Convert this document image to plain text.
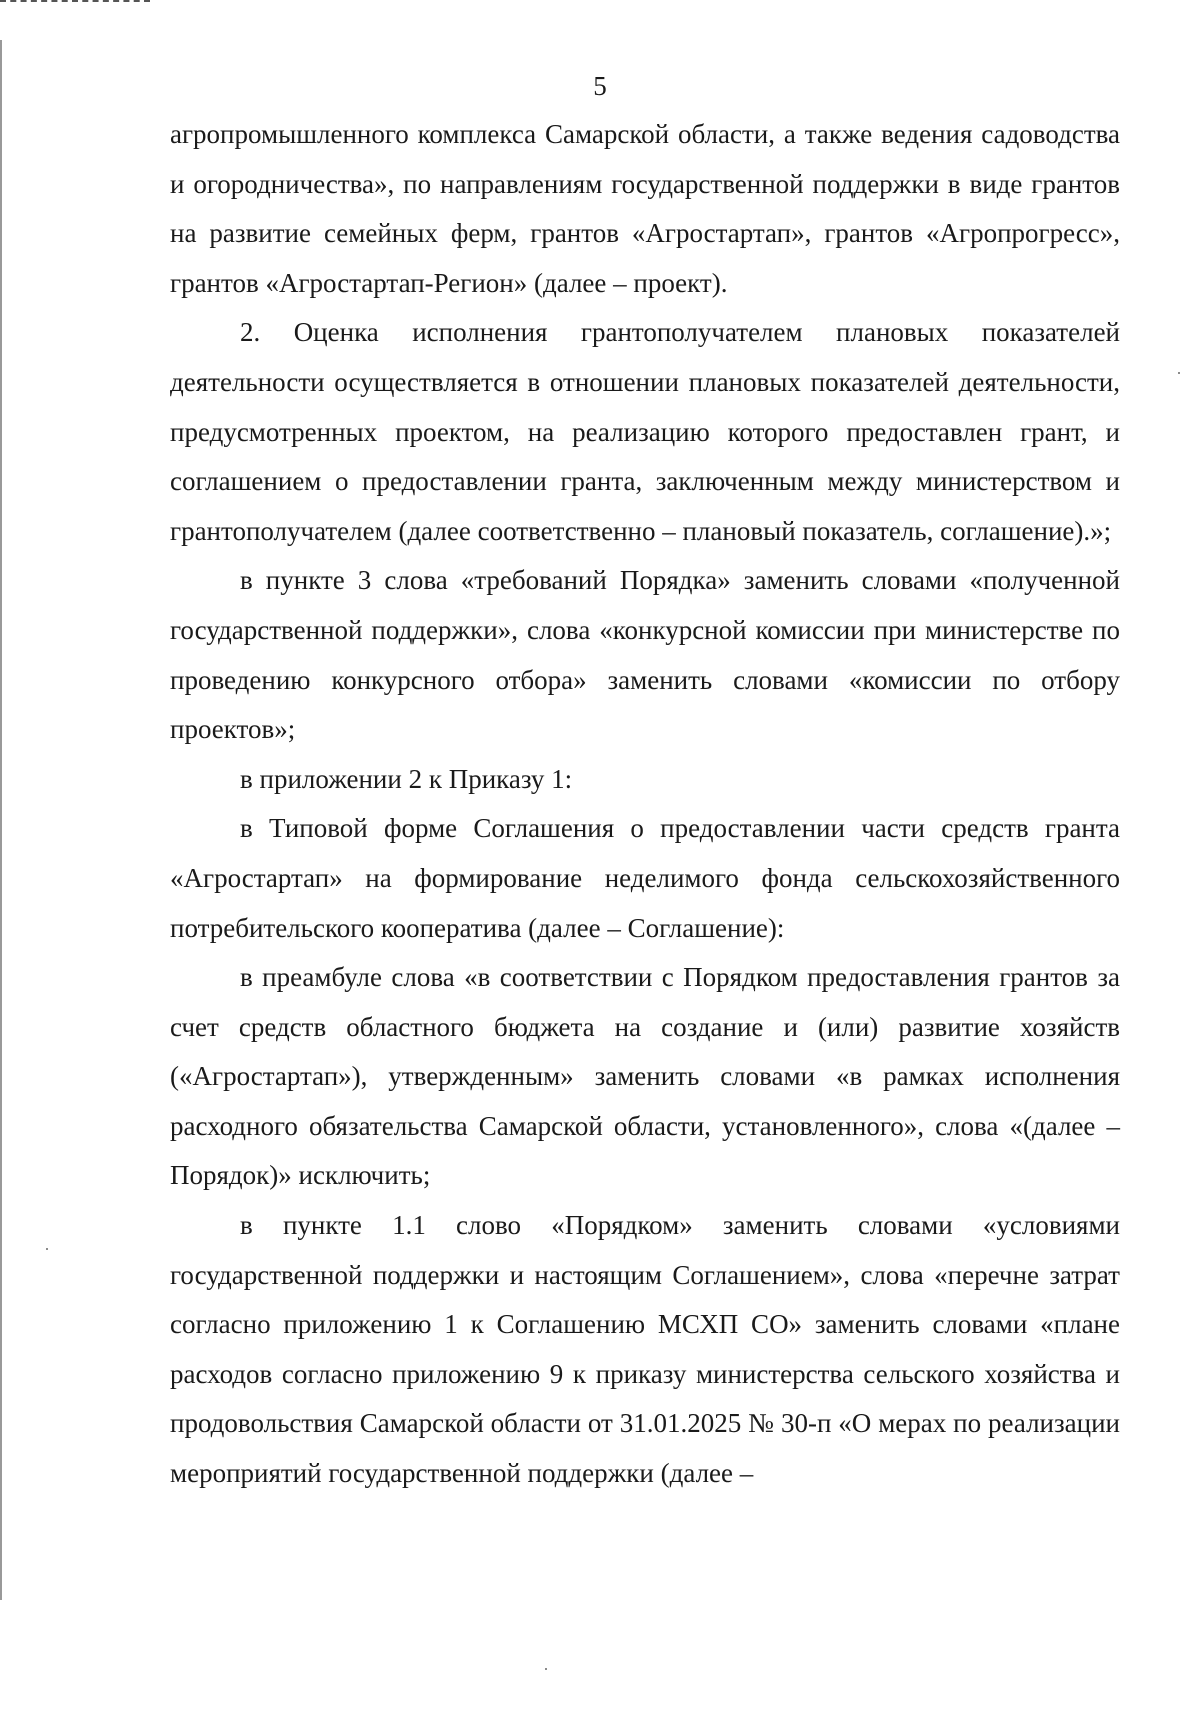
5

агропромышленного комплекса Самарской области, а также ведения садоводства и огородничества», по направлениям государственной поддержки в виде грантов на развитие семейных ферм, грантов «Агростартап», грантов «Агропрогресс», грантов «Агростартап-Регион» (далее – проект).

2. Оценка исполнения грантополучателем плановых показателей деятельности осуществляется в отношении плановых показателей деятельности, предусмотренных проектом, на реализацию которого предоставлен грант, и соглашением о предоставлении гранта, заключенным между министерством и грантополучателем (далее соответственно – плановый показатель, соглашение).»;

в пункте 3 слова «требований Порядка» заменить словами «полученной государственной поддержки», слова «конкурсной комиссии при министерстве по проведению конкурсного отбора» заменить словами «комиссии по отбору проектов»;

в приложении 2 к Приказу 1:

в Типовой форме Соглашения о предоставлении части средств гранта «Агростартап» на формирование неделимого фонда сельскохозяйственного потребительского кооператива (далее – Соглашение):

в преамбуле слова «в соответствии с Порядком предоставления грантов за счет средств областного бюджета на создание и (или) развитие хозяйств («Агростартап»), утвержденным» заменить словами «в рамках исполнения расходного обязательства Самарской области, установленного», слова «(далее – Порядок)» исключить;

в пункте 1.1 слово «Порядком» заменить словами «условиями государственной поддержки и настоящим Соглашением», слова «перечне затрат согласно приложению 1 к Соглашению МСХП СО» заменить словами «плане расходов согласно приложению 9 к приказу министерства сельского хозяйства и продовольствия Самарской области от 31.01.2025 № 30-п «О мерах по реализации мероприятий государственной поддержки (далее –
